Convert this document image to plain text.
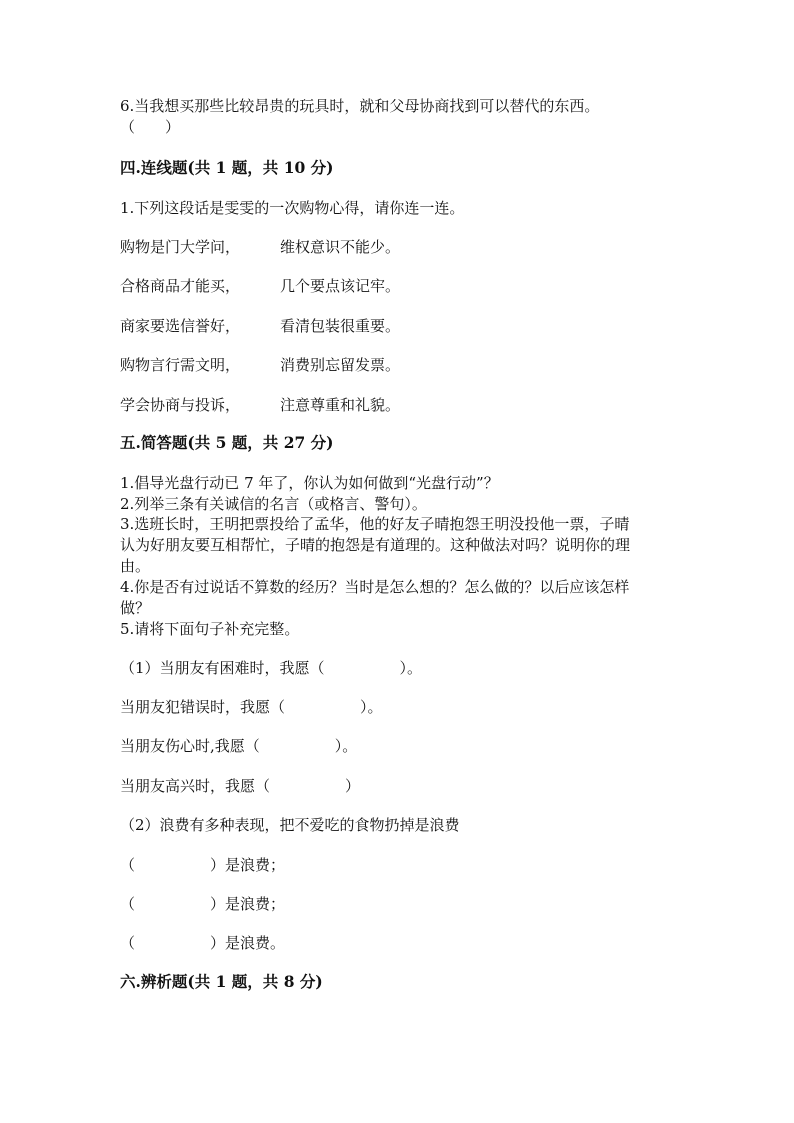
6.当我想买那些比较昂贵的玩具时，就和父母协商找到可以替代的东西。
（　　）
四.连线题(共 1 题，共 10 分)
1.下列这段话是雯雯的一次购物心得，请你连一连。
购物是门大学问，	维权意识不能少。
合格商品才能买，	几个要点该记牢。
商家要选信誉好，	看清包装很重要。
购物言行需文明，	消费别忘留发票。
学会协商与投诉，	注意尊重和礼貌。
五.简答题(共 5 题，共 27 分)
1.倡导光盘行动已 7 年了，你认为如何做到“光盘行动”？
2.列举三条有关诚信的名言（或格言、警句）。
3.选班长时，王明把票投给了孟华，他的好友子晴抱怨王明没投他一票，子晴
认为好朋友要互相帮忙，子晴的抱怨是有道理的。这种做法对吗？说明你的理
由。
4.你是否有过说话不算数的经历？当时是怎么想的？怎么做的？以后应该怎样
做？
5.请将下面句子补充完整。
（1）当朋友有困难时，我愿（　　　　　）。
当朋友犯错误时，我愿（　　　　　）。
当朋友伤心时,我愿（　　　　　）。
当朋友高兴时，我愿（　　　　　）
（2）浪费有多种表现，把不爱吃的食物扔掉是浪费
（　　　　　）是浪费；
（　　　　　）是浪费；
（　　　　　）是浪费。
六.辨析题(共 1 题，共 8 分)
